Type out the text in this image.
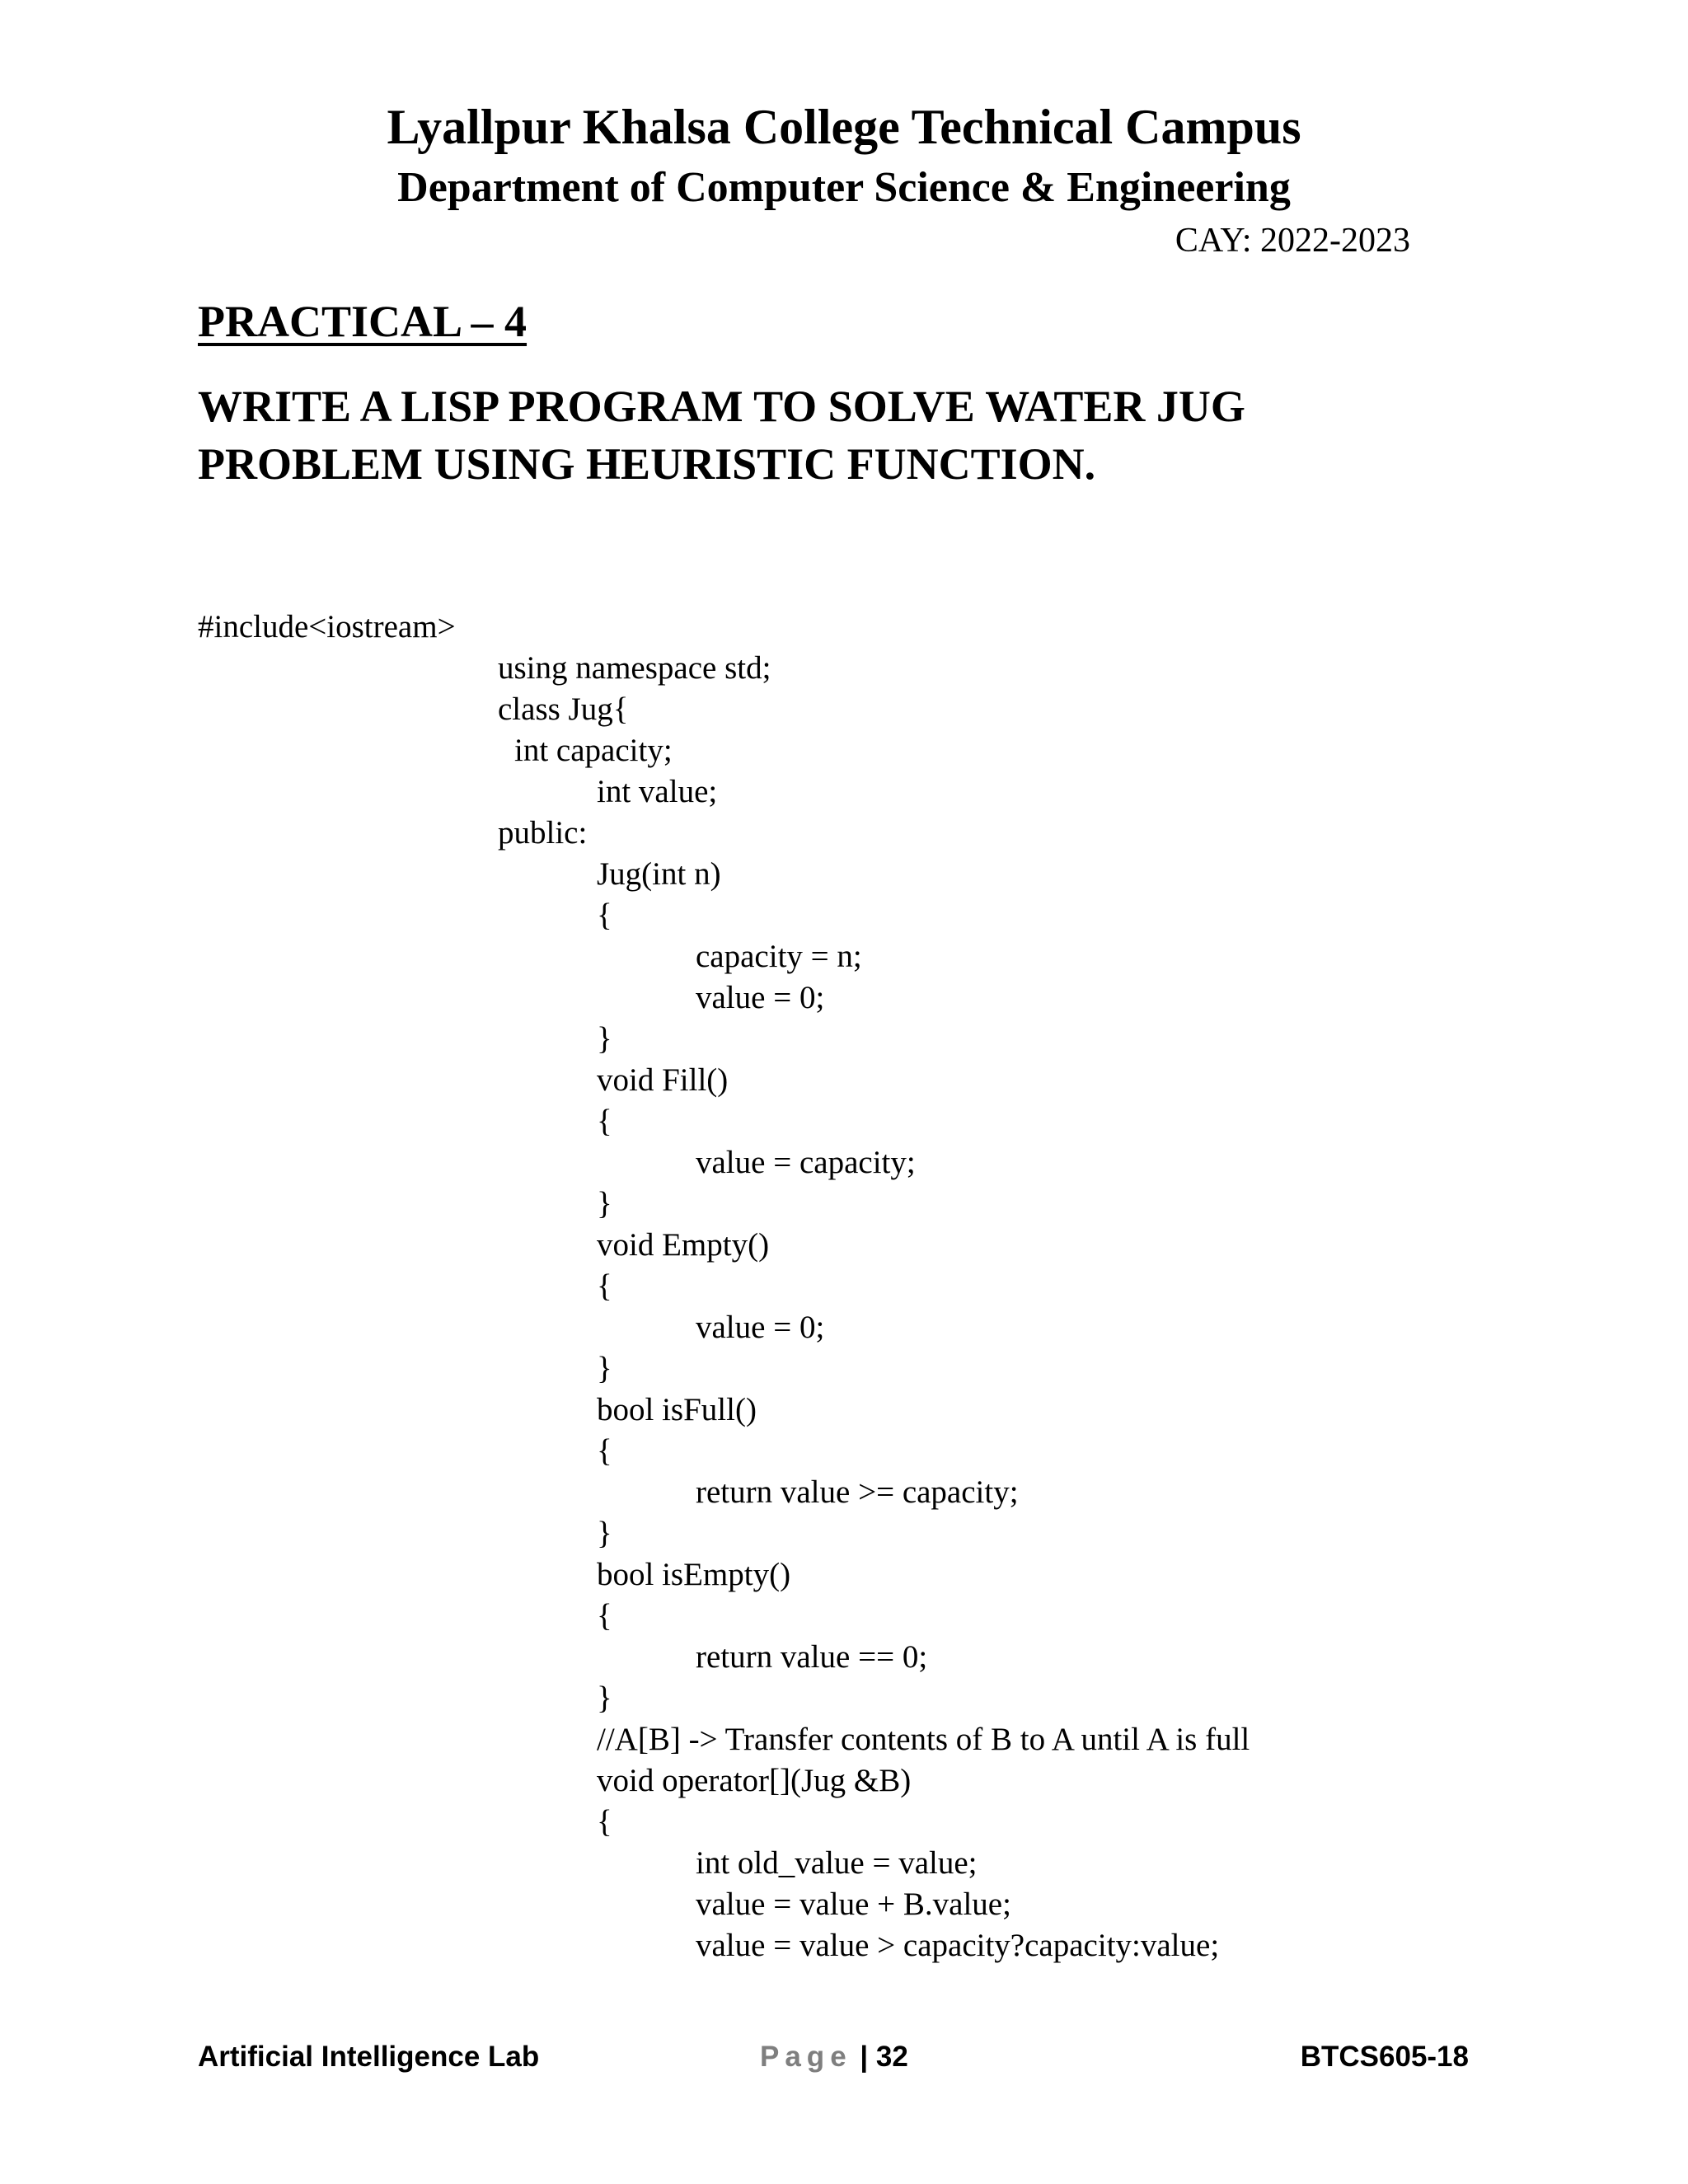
Lyallpur Khalsa College Technical Campus
Department of Computer Science & Engineering
CAY: 2022-2023
PRACTICAL – 4
WRITE A LISP PROGRAM TO SOLVE WATER JUG
PROBLEM USING HEURISTIC FUNCTION.
#include<iostream>
using namespace std;
class Jug{
int capacity;
int value;
public:
Jug(int n)
{
capacity = n;
value = 0;
}
void Fill()
{
value = capacity;
}
void Empty()
{
value = 0;
}
bool isFull()
{
return value >= capacity;
}
bool isEmpty()
{
return value == 0;
}
//A[B] -> Transfer contents of B to A until A is full
void operator[](Jug &B)
{
int old_value = value;
value = value + B.value;
value = value > capacity?capacity:value;
Artificial Intelligence Lab	Page | 32	BTCS605-18
